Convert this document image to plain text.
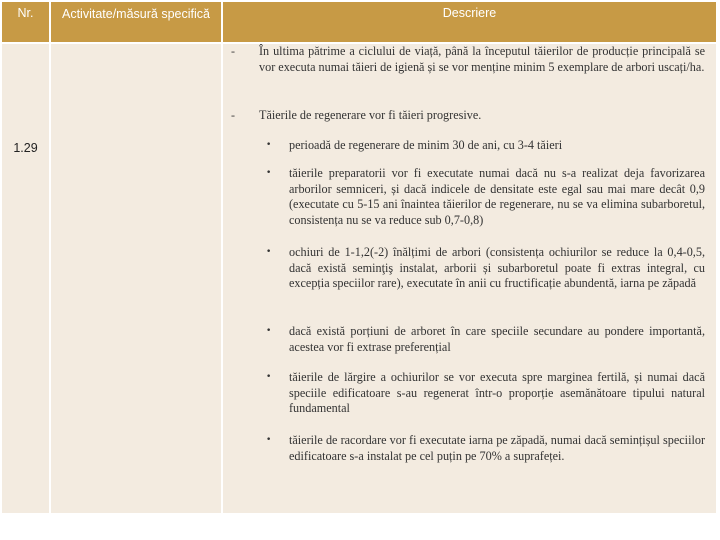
Nr.	Activitate/măsură specifică	Descriere
1.29
- În ultima pătrime a ciclului de viață, până la începutul tăierilor de producție principală se vor executa numai tăieri de igienă și se vor menține minim 5 exemplare de arbori uscați/ha.
- Tăierile de regenerare vor fi tăieri progresive.
• perioadă de regenerare de minim 30 de ani, cu 3-4 tăieri
• tăierile preparatorii vor fi executate numai dacă nu s-a realizat deja favorizarea arborilor semniceri, și dacă indicele de densitate este egal sau mai mare decât 0,9 (executate cu 5-15 ani înaintea tăierilor de regenerare, nu se va elimina subarboretul, consistența nu se va reduce sub 0,7-0,8)
• ochiuri de 1-1,2(-2) înălțimi de arbori (consistența ochiurilor se reduce la 0,4-0,5, dacă există seminţiş instalat, arborii și subarboretul poate fi extras integral, cu excepția speciilor rare), executate în anii cu fructificație abundentă, iarna pe zăpadă
• dacă există porțiuni de arboret în care speciile secundare au pondere importantă, acestea vor fi extrase preferențial
• tăierile de lărgire a ochiurilor se vor executa spre marginea fertilă, și numai dacă speciile edificatoare s-au regenerat într-o proporție asemănătoare tipului natural fundamental
• tăierile de racordare vor fi executate iarna pe zăpadă, numai dacă semințișul speciilor edificatoare s-a instalat pe cel puțin pe 70% a suprafeței.
